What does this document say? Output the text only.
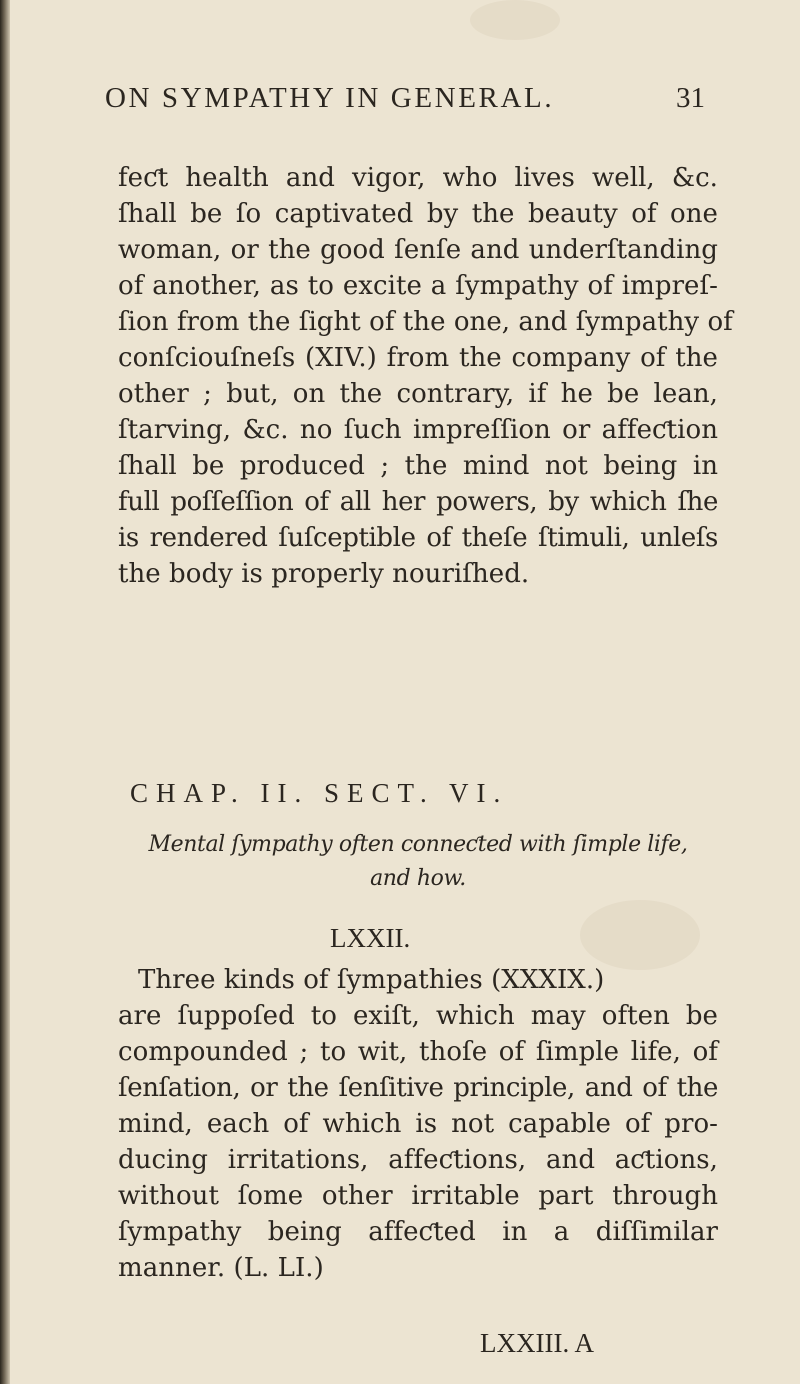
ON SYMPATHY IN GENERAL.	31
feƈt health and vigor, who lives well, &c.
ſhall be ſo captivated by the beauty of one
woman, or the good ſenſe and underſtanding
of another, as to excite a ſympathy of impreſ-
ſion from the ſight of the one, and ſympathy of
conſciouſneſs (XIV.) from the company of the
other ; but, on the contrary, if he be lean,
ſtarving, &c. no ſuch impreſſion or affeƈtion
ſhall be produced ; the mind not being in
full poſſeſſion of all her powers, by which ſhe
is rendered ſuſceptible of theſe ſtimuli, unleſs
the body is properly nouriſhed.
CHAP. II. SECT. VI.
Mental ſympathy often conneƈted with ſimple life,
and how.
LXXII.
Three kinds of ſympathies (XXXIX.)
are ſuppoſed to exiſt, which may often be
compounded ; to wit, thoſe of ſimple life, of
ſenſation, or the ſenſitive principle, and of the
mind, each of which is not capable of pro-
ducing irritations, affeƈtions, and aƈtions,
without ſome other irritable part through
ſympathy being affeƈted in a diſſimilar
manner. (L. LI.)
LXXIII. A
